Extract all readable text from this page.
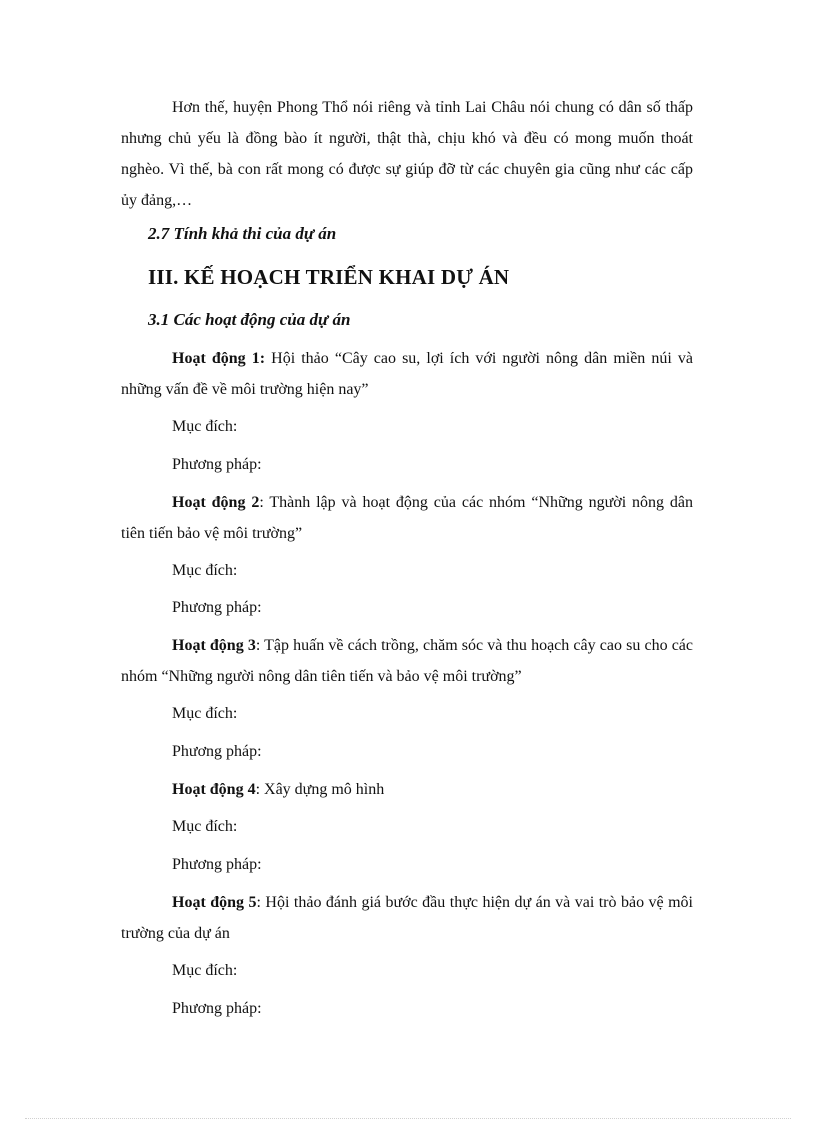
Hơn thế, huyện Phong Thổ nói riêng và tỉnh Lai Châu nói chung có dân số thấp nhưng chủ yếu là đồng bào ít người, thật thà, chịu khó và đều có mong muốn thoát nghèo. Vì thế, bà con rất mong có được sự giúp đỡ từ các chuyên gia cũng như các cấp ủy đảng,…

2.7 Tính khả thi của dự án

III. KẾ HOẠCH TRIỂN KHAI DỰ ÁN

3.1 Các hoạt động của dự án

Hoạt động 1: Hội thảo “Cây cao su, lợi ích với người nông dân miền núi và những vấn đề về môi trường hiện nay”

Mục đích:

Phương pháp:

Hoạt động 2: Thành lập và hoạt động của các nhóm “Những người nông dân tiên tiến bảo vệ môi trường”

Mục đích:

Phương pháp:

Hoạt động 3: Tập huấn về cách trồng, chăm sóc và thu hoạch cây cao su cho các nhóm “Những người nông dân tiên tiến và bảo vệ môi trường”

Mục đích:

Phương pháp:

Hoạt động 4: Xây dựng mô hình

Mục đích:

Phương pháp:

Hoạt động 5: Hội thảo đánh giá bước đầu thực hiện dự án và vai trò bảo vệ môi trường của dự án

Mục đích:

Phương pháp:
